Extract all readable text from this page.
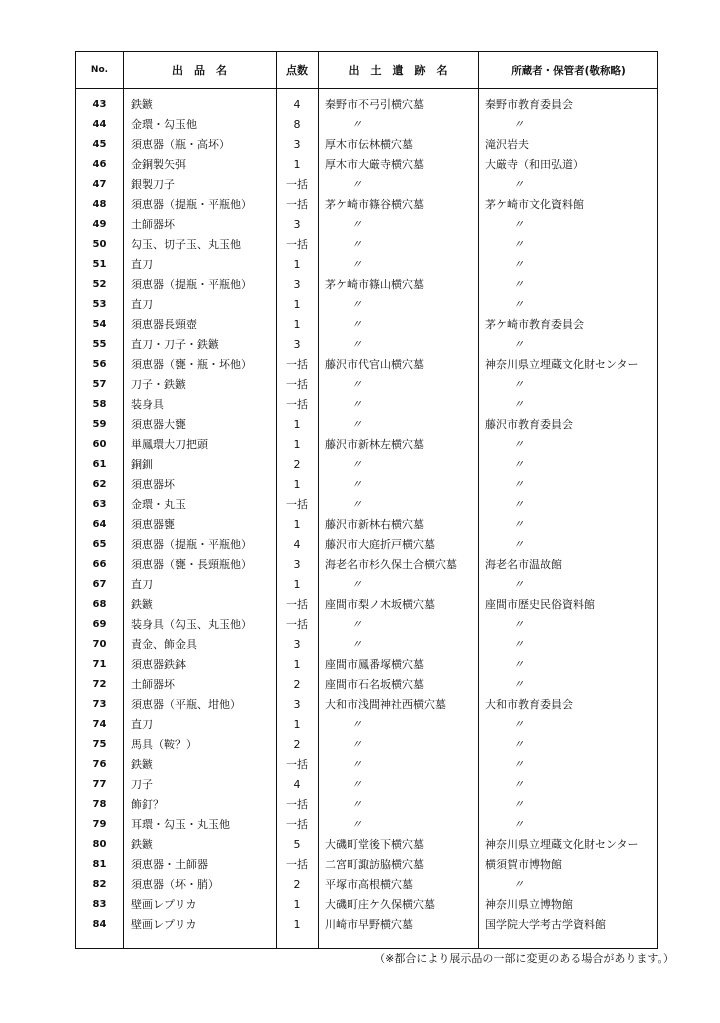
No.	出　品　名	点数	出　土　遺　跡　名	所蔵者・保管者(敬称略)
43	鉄鏃	4	秦野市不弓引横穴墓	秦野市教育委員会
44	金環・勾玉他	8	〃	〃
45	須恵器（瓶・高坏）	3	厚木市伝林横穴墓	滝沢岩夫
46	金銅製矢弭	1	厚木市大厳寺横穴墓	大厳寺（和田弘道）
47	銀製刀子	一括	〃	〃
48	須恵器（提瓶・平瓶他）	一括	茅ケ崎市篠谷横穴墓	茅ケ崎市文化資料館
49	土師器坏	3	〃	〃
50	勾玉、切子玉、丸玉他	一括	〃	〃
51	直刀	1	〃	〃
52	須恵器（提瓶・平瓶他）	3	茅ケ崎市篠山横穴墓	〃
53	直刀	1	〃	〃
54	須恵器長頸壺	1	〃	茅ケ崎市教育委員会
55	直刀・刀子・鉄鏃	3	〃	〃
56	須恵器（甕・瓶・坏他）	一括	藤沢市代官山横穴墓	神奈川県立埋蔵文化財センター
57	刀子・鉄鏃	一括	〃	〃
58	装身具	一括	〃	〃
59	須恵器大甕	1	〃	藤沢市教育委員会
60	単鳳環大刀把頭	1	藤沢市新林左横穴墓	〃
61	銅釧	2	〃	〃
62	須恵器坏	1	〃	〃
63	金環・丸玉	一括	〃	〃
64	須恵器甕	1	藤沢市新林右横穴墓	〃
65	須恵器（提瓶・平瓶他）	4	藤沢市大庭折戸横穴墓	〃
66	須恵器（甕・長頸瓶他）	3	海老名市杉久保土合横穴墓	海老名市温故館
67	直刀	1	〃	〃
68	鉄鏃	一括	座間市梨ノ木坂横穴墓	座間市歴史民俗資料館
69	装身具（勾玉、丸玉他）	一括	〃	〃
70	責金、飾金具	3	〃	〃
71	須恵器鉄鉢	1	座間市鳳番塚横穴墓	〃
72	土師器坏	2	座間市石名坂横穴墓	〃
73	須恵器（平瓶、坩他）	3	大和市浅間神社西横穴墓	大和市教育委員会
74	直刀	1	〃	〃
75	馬具（鞍？）	2	〃	〃
76	鉄鏃	一括	〃	〃
77	刀子	4	〃	〃
78	飾釘？	一括	〃	〃
79	耳環・勾玉・丸玉他	一括	〃	〃
80	鉄鏃	5	大磯町堂後下横穴墓	神奈川県立埋蔵文化財センター
81	須恵器・土師器	一括	二宮町諏訪脇横穴墓	横須賀市博物館
82	須恵器（坏・䏴）	2	平塚市高根横穴墓	〃
83	壁画レプリカ	1	大磯町庄ケ久保横穴墓	神奈川県立博物館
84	壁画レプリカ	1	川崎市早野横穴墓	国学院大学考古学資料館
（※都合により展示品の一部に変更のある場合があります。）
